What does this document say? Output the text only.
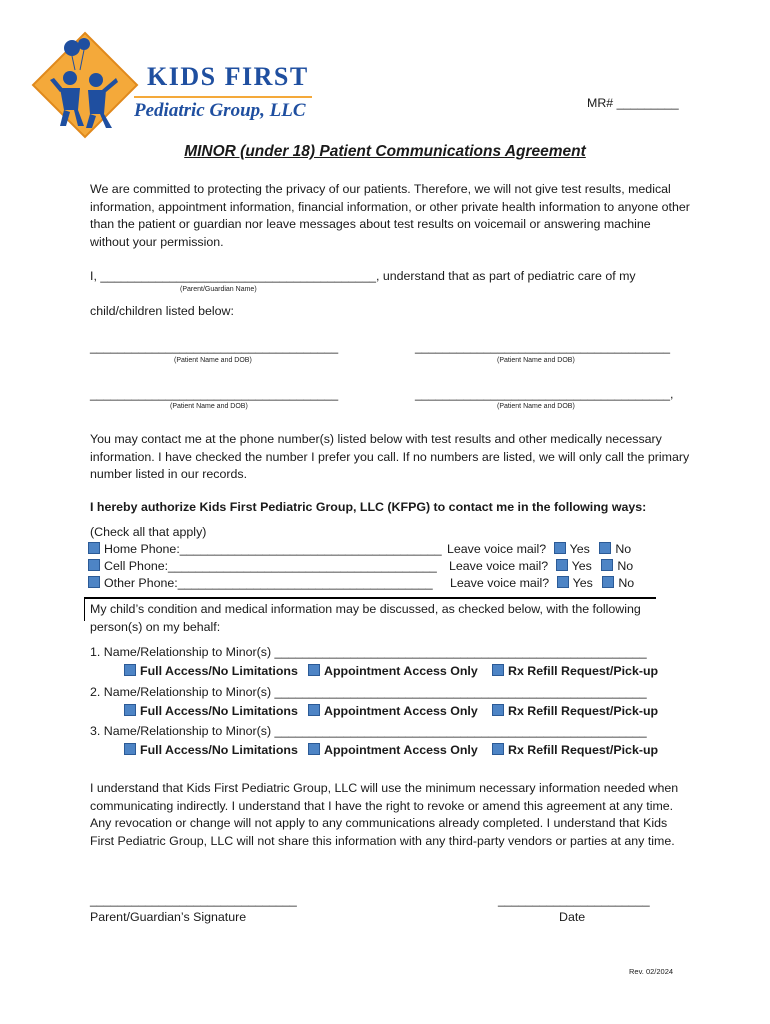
KIDS FIRST
Pediatric Group, LLC	MR# _________
MINOR (under 18) Patient Communications Agreement
We are committed to protecting the privacy of our patients. Therefore, we will not give test results, medical information, appointment information, financial information, or other private health information to anyone other than the patient or guardian nor leave messages about test results on voicemail or answering machine without your permission.
I, ________________________________________, understand that as part of pediatric care of my
(Parent/Guardian Name)
child/children listed below:
____________________________________
(Patient Name and DOB)
_____________________________________
(Patient Name and DOB)
____________________________________
(Patient Name and DOB)
_____________________________________,
(Patient Name and DOB)
You may contact me at the phone number(s) listed below with test results and other medically necessary information. I have checked the number I prefer you call. If no numbers are listed, we will only call the primary number listed in our records.
I hereby authorize Kids First Pediatric Group, LLC (KFPG) to contact me in the following ways:
(Check all that apply)
Home Phone:______________________________________ Leave voice mail? Yes No
Cell Phone:_______________________________________ Leave voice mail? Yes No
Other Phone:_____________________________________ Leave voice mail? Yes No
My child’s condition and medical information may be discussed, as checked below, with the following person(s) on my behalf:
1. Name/Relationship to Minor(s) ______________________________________________________
Full Access/No Limitations	Appointment Access Only	Rx Refill Request/Pick-up
2. Name/Relationship to Minor(s) ______________________________________________________
Full Access/No Limitations	Appointment Access Only	Rx Refill Request/Pick-up
3. Name/Relationship to Minor(s) ______________________________________________________
Full Access/No Limitations	Appointment Access Only	Rx Refill Request/Pick-up
I understand that Kids First Pediatric Group, LLC will use the minimum necessary information needed when communicating indirectly. I understand that I have the right to revoke or amend this agreement at any time. Any revocation or change will not apply to any communications already completed. I understand that Kids First Pediatric Group, LLC will not share this information with any third-party vendors or parties at any time.
______________________________
Parent/Guardian’s Signature
______________________
Date
Rev. 02/2024
